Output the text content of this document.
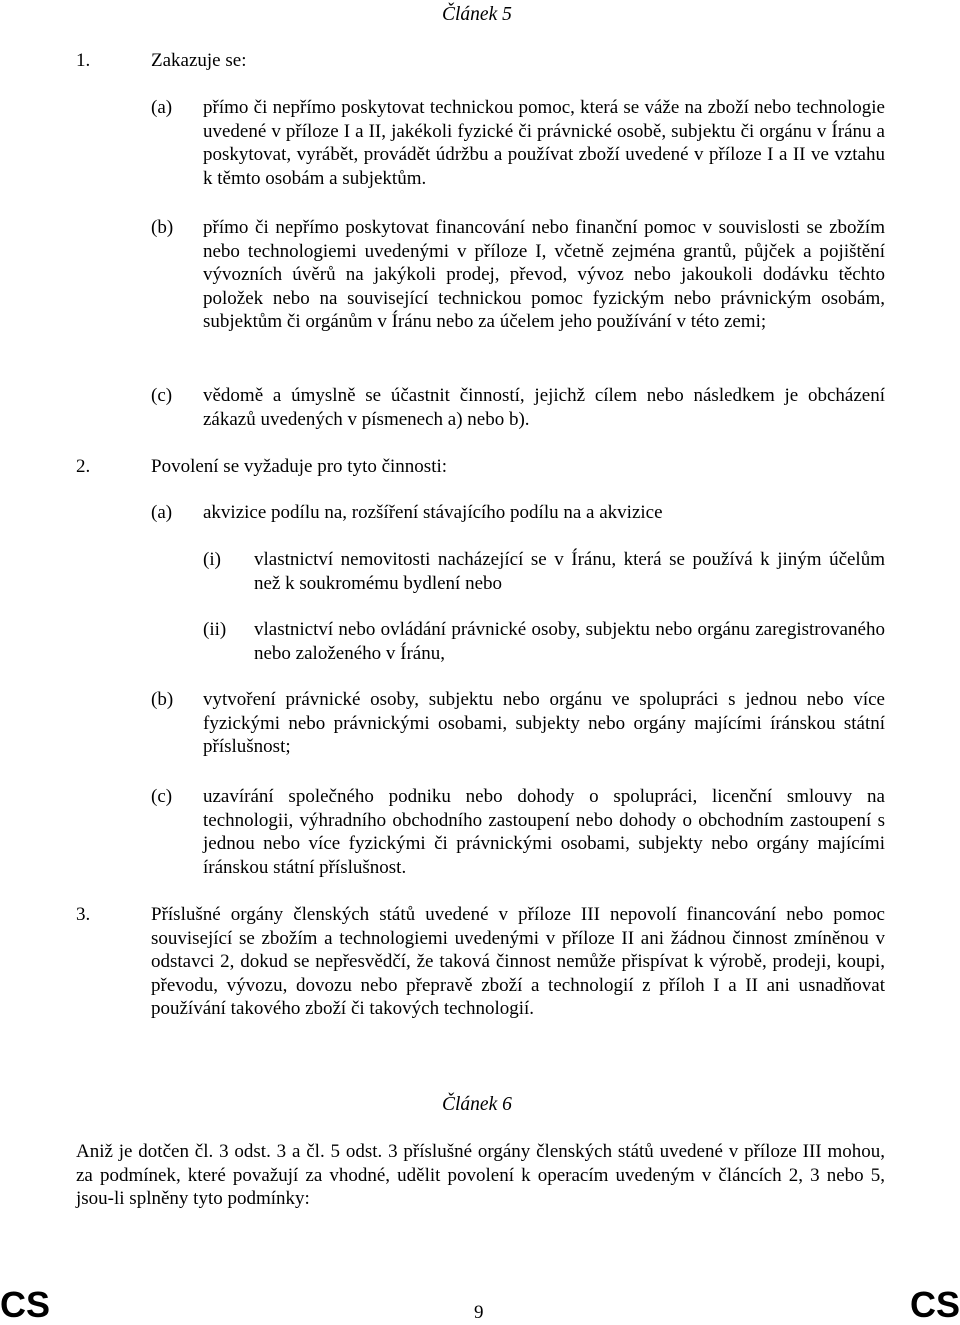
Článek 5
1.	Zakazuje se:
(a) přímo či nepřímo poskytovat technickou pomoc, která se váže na zboží nebo technologie uvedené v příloze I a II, jakékoli fyzické či právnické osobě, subjektu či orgánu v Íránu a poskytovat, vyrábět, provádět údržbu a používat zboží uvedené v příloze I a II ve vztahu k těmto osobám a subjektům.
(b) přímo či nepřímo poskytovat financování nebo finanční pomoc v souvislosti se zbožím nebo technologiemi uvedenými v příloze I, včetně zejména grantů, půjček a pojištění vývozních úvěrů na jakýkoli prodej, převod, vývoz nebo jakoukoli dodávku těchto položek nebo na související technickou pomoc fyzickým nebo právnickým osobám, subjektům či orgánům v Íránu nebo za účelem jeho používání v této zemi;
(c) vědomě a úmyslně se účastnit činností, jejichž cílem nebo následkem je obcházení zákazů uvedených v písmenech a) nebo b).
2.	Povolení se vyžaduje pro tyto činnosti:
(a) akvizice podílu na, rozšíření stávajícího podílu na a akvizice
(i) vlastnictví nemovitosti nacházející se v Íránu, která se používá k jiným účelům než k soukromému bydlení nebo
(ii) vlastnictví nebo ovládání právnické osoby, subjektu nebo orgánu zaregistrovaného nebo založeného v Íránu,
(b) vytvoření právnické osoby, subjektu nebo orgánu ve spolupráci s jednou nebo více fyzickými nebo právnickými osobami, subjekty nebo orgány majícími íránskou státní příslušnost;
(c) uzavírání společného podniku nebo dohody o spolupráci, licenční smlouvy na technologii, výhradního obchodního zastoupení nebo dohody o obchodním zastoupení s jednou nebo více fyzickými či právnickými osobami, subjekty nebo orgány majícími íránskou státní příslušnost.
3.	Příslušné orgány členských států uvedené v příloze III nepovolí financování nebo pomoc související se zbožím a technologiemi uvedenými v příloze II ani žádnou činnost zmíněnou v odstavci 2, dokud se nepřesvědčí, že taková činnost nemůže přispívat k výrobě, prodeji, koupi, převodu, vývozu, dovozu nebo přepravě zboží a technologií z příloh I a II ani usnadňovat používání takového zboží či takových technologií.
Článek 6
Aniž je dotčen čl. 3 odst. 3 a čl. 5 odst. 3 příslušné orgány členských států uvedené v příloze III mohou, za podmínek, které považují za vhodné, udělit povolení k operacím uvedeným v článcích 2, 3 nebo 5, jsou-li splněny tyto podmínky:
CS	9	CS
